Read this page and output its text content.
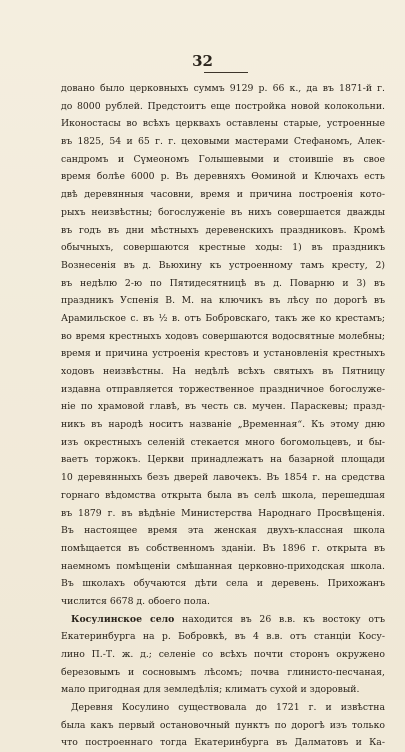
32
довано было церковныхъ суммъ 9129 р. 66 к., да въ 1871-й г.
до 8000 рублей. Предстоитъ еще постройка новой колокольни.
Иконостасы во всѣхъ церквахъ оставлены старые, устроенные
въ 1825, 54 и 65 г. г. цеховыми мастерами Стефаномъ, Алек-
сандромъ и Сүмеономъ Голышевыми и стоившіе въ свое
время болѣе 6000 р. Въ деревняхъ Ѳоминой и Ключахъ есть
двѣ деревянныя часовни, время и причина построенія кото-
рыхъ неизвѣстны; богослуженіе въ нихъ совершается дважды
въ годъ въ дни мѣстныхъ деревенскихъ праздниковъ. Кромѣ
обычныхъ, совершаются крестные ходы: 1) въ праздникъ
Вознесенія въ д. Вьюхину къ устроенному тамъ кресту, 2)
въ недѣлю 2-ю по Пятидесятницѣ въ д. Поварню и 3) въ
праздникъ Успенія В. М. на ключикъ въ лѣсу по дорогѣ въ
Арамильское с. въ ½ в. отъ Бобровскаго, такъ же ко крестамъ;
во время крестныхъ ходовъ совершаются водосвятные молебны;
время и причина устроенія крестовъ и установленія крестныхъ
ходовъ неизвѣстны. На недѣлѣ всѣхъ святыхъ въ Пятницу
издавна отправляется торжественное праздничное богослуже-
ніе по храмовой главѣ, въ честь св. мучен. Параскевы; празд-
никъ въ народѣ носитъ названіе „Временная“. Къ этому дню
изъ окрестныхъ селеній стекается много богомольцевъ, и бы-
ваетъ торжокъ. Церкви принадлежатъ на базарной площади
10 деревянныхъ безъ дверей лавочекъ. Въ 1854 г. на средства
горнаго вѣдомства открыта была въ селѣ школа, перешедшая
въ 1879 г. въ вѣдѣніе Министерства Народнаго Просвѣщенія.
Въ настоящее время эта женская двухъ-классная школа
помѣщается въ собственномъ зданіи. Въ 1896 г. открыта въ
наемномъ помѣщеніи смѣшанная церковно-приходская школа.
Въ школахъ обучаются дѣти села и деревень. Прихожанъ
числится 6678 д. обоего пола.
Косулинское село находится въ 26 в.в. къ востоку отъ
Екатеринбурга на р. Бобровкѣ, въ 4 в.в. отъ станціи Косу-
лино П.-Т. ж. д.; селеніе со всѣхъ почти сторонъ окружено
березовымъ и сосновымъ лѣсомъ; почва глинисто-песчаная,
мало пригодная для земледѣлія; климатъ сухой и здоровый.
Деревня Косулино существовала до 1721 г. и извѣстна
была какъ первый остановочный пунктъ по дорогѣ изъ только
что построеннаго тогда Екатеринбурга въ Далматовъ и Ка-
